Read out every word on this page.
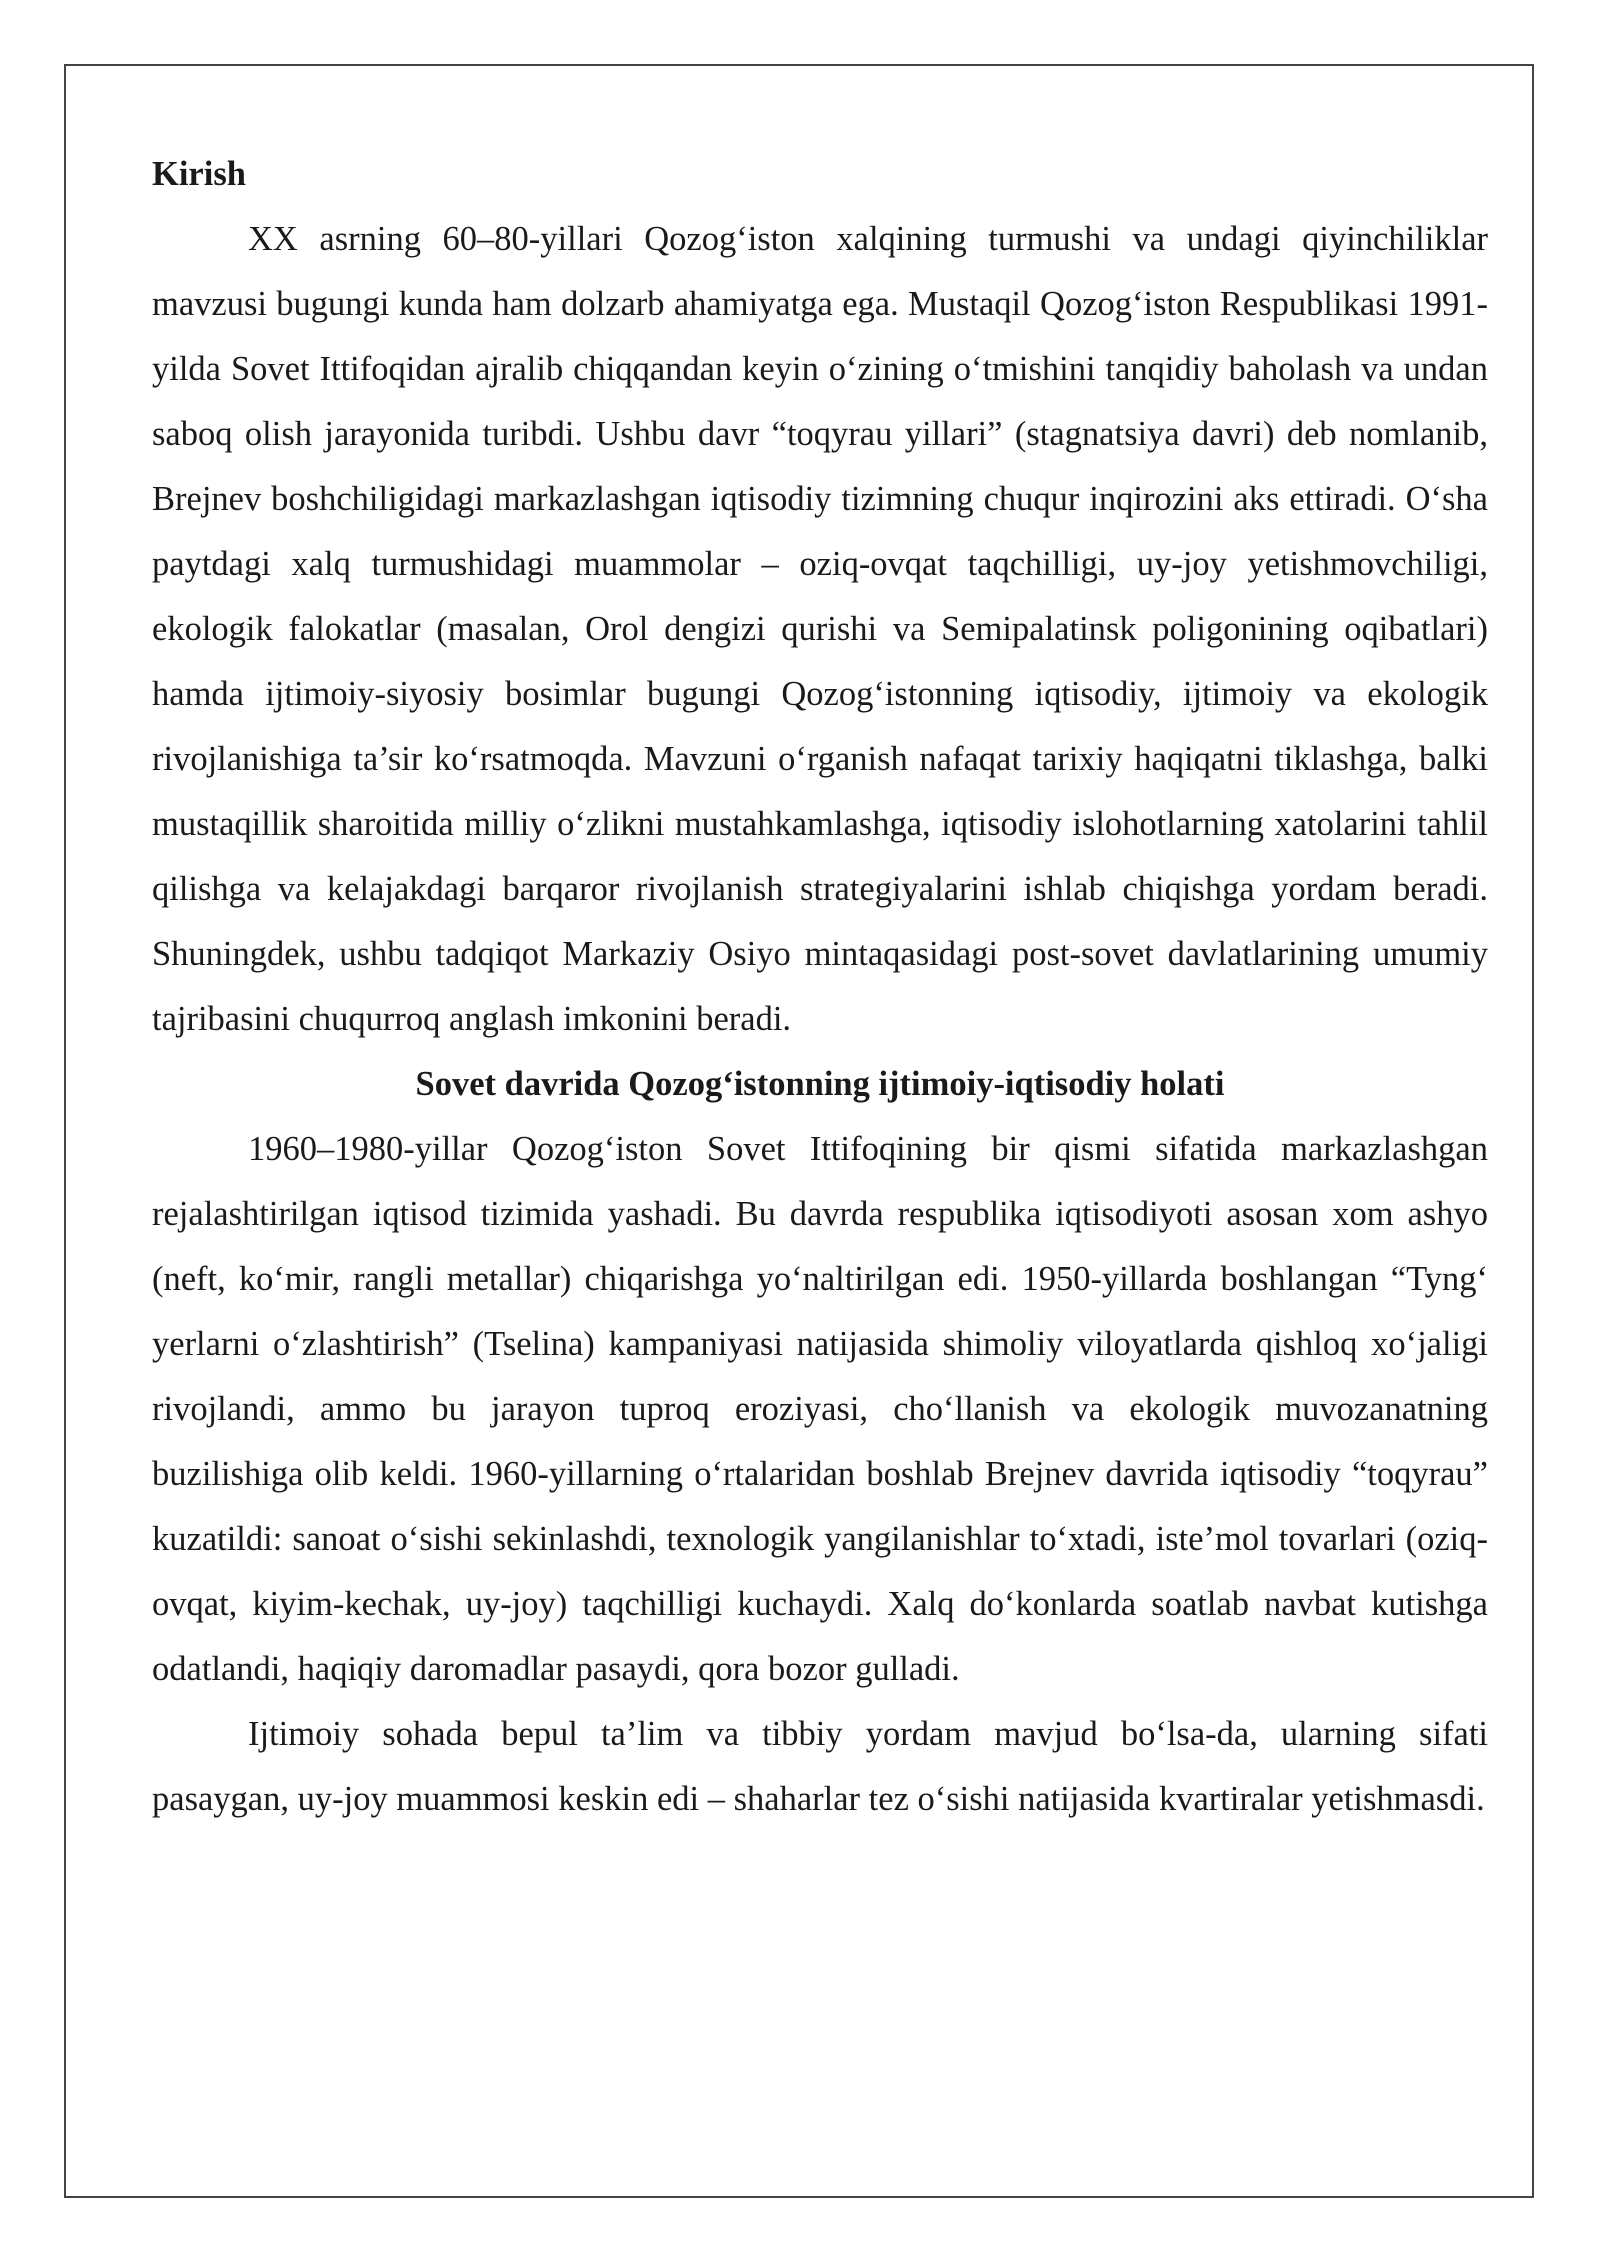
Kirish

XX asrning 60–80-yillari Qozog‘iston xalqining turmushi va undagi qiyinchiliklar mavzusi bugungi kunda ham dolzarb ahamiyatga ega. Mustaqil Qozog‘iston Respublikasi 1991-yilda Sovet Ittifoqidan ajralib chiqqandan keyin o‘zining o‘tmishini tanqidiy baholash va undan saboq olish jarayonida turibdi. Ushbu davr “toqyrau yillari” (stagnatsiya davri) deb nomlanib, Brejnev boshchiligidagi markazlashgan iqtisodiy tizimning chuqur inqirozini aks ettiradi. O‘sha paytdagi xalq turmushidagi muammolar – oziq-ovqat taqchilligi, uy-joy yetishmovchiligi, ekologik falokatlar (masalan, Orol dengizi qurishi va Semipalatinsk poligonining oqibatlari) hamda ijtimoiy-siyosiy bosimlar bugungi Qozog‘istonning iqtisodiy, ijtimoiy va ekologik rivojlanishiga ta’sir ko‘rsatmoqda. Mavzuni o‘rganish nafaqat tarixiy haqiqatni tiklashga, balki mustaqillik sharoitida milliy o‘zlikni mustahkamlashga, iqtisodiy islohotlarning xatolarini tahlil qilishga va kelajakdagi barqaror rivojlanish strategiyalarini ishlab chiqishga yordam beradi. Shuningdek, ushbu tadqiqot Markaziy Osiyo mintaqasidagi post-sovet davlatlarining umumiy tajribasini chuqurroq anglash imkonini beradi.

Sovet davrida Qozog‘istonning ijtimoiy-iqtisodiy holati

1960–1980-yillar Qozog‘iston Sovet Ittifoqining bir qismi sifatida markazlashgan rejalashtirilgan iqtisod tizimida yashadi. Bu davrda respublika iqtisodiyoti asosan xom ashyo (neft, ko‘mir, rangli metallar) chiqarishga yo‘naltirilgan edi. 1950-yillarda boshlangan “Tyng‘ yerlarni o‘zlashtirish” (Tselina) kampaniyasi natijasida shimoliy viloyatlarda qishloq xo‘jaligi rivojlandi, ammo bu jarayon tuproq eroziyasi, cho‘llanish va ekologik muvozanatning buzilishiga olib keldi. 1960-yillarning o‘rtalaridan boshlab Brejnev davrida iqtisodiy “toqyrau” kuzatildi: sanoat o‘sishi sekinlashdi, texnologik yangilanishlar to‘xtadi, iste’mol tovarlari (oziq-ovqat, kiyim-kechak, uy-joy) taqchilligi kuchaydi. Xalq do‘konlarda soatlab navbat kutishga odatlandi, haqiqiy daromadlar pasaydi, qora bozor gulladi.

Ijtimoiy sohada bepul ta’lim va tibbiy yordam mavjud bo‘lsa-da, ularning sifati pasaygan, uy-joy muammosi keskin edi – shaharlar tez o‘sishi natijasida kvartiralar yetishmasdi.
